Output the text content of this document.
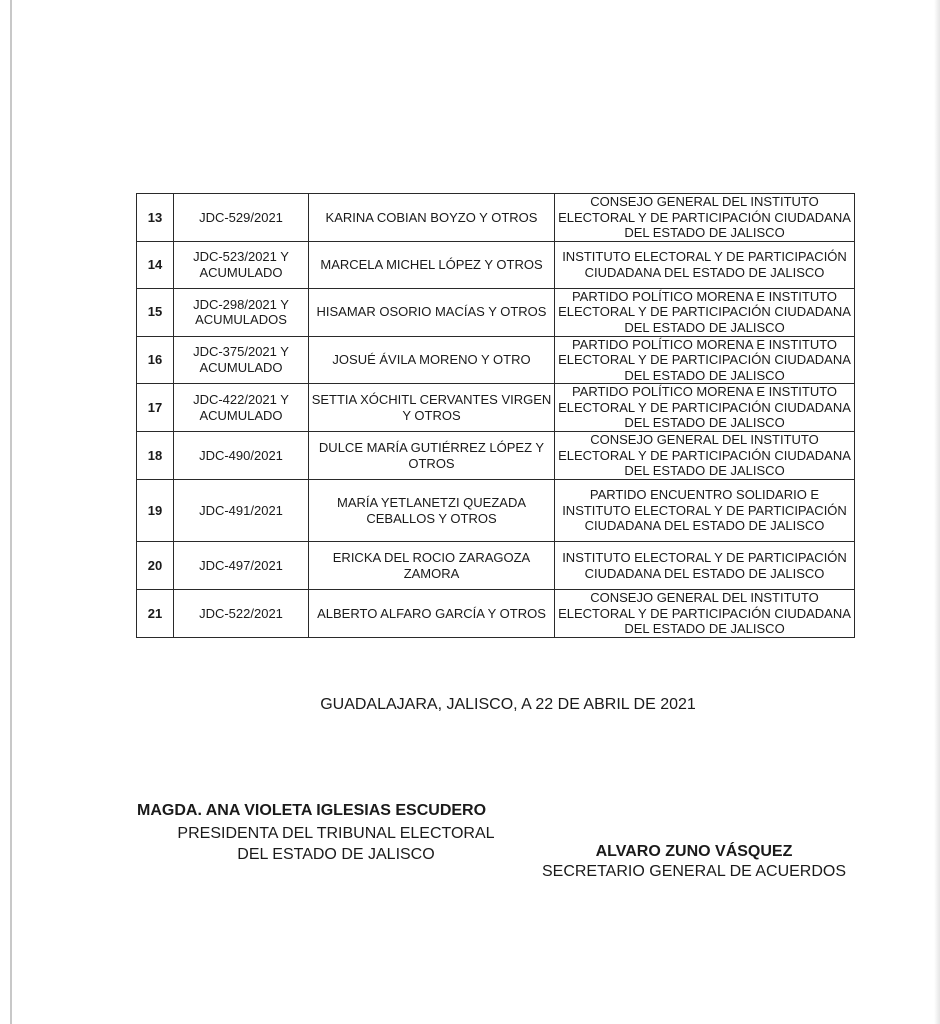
13	JDC-529/2021	KARINA COBIAN BOYZO Y OTROS	CONSEJO GENERAL DEL INSTITUTO ELECTORAL Y DE PARTICIPACIÓN CIUDADANA DEL ESTADO DE JALISCO
14	JDC-523/2021 Y ACUMULADO	MARCELA MICHEL LÓPEZ Y OTROS	INSTITUTO ELECTORAL Y DE PARTICIPACIÓN CIUDADANA DEL ESTADO DE JALISCO
15	JDC-298/2021 Y ACUMULADOS	HISAMAR OSORIO MACÍAS Y OTROS	PARTIDO POLÍTICO MORENA E INSTITUTO ELECTORAL Y DE PARTICIPACIÓN CIUDADANA DEL ESTADO DE JALISCO
16	JDC-375/2021 Y ACUMULADO	JOSUÉ ÁVILA MORENO Y OTRO	PARTIDO POLÍTICO MORENA E INSTITUTO ELECTORAL Y DE PARTICIPACIÓN CIUDADANA DEL ESTADO DE JALISCO
17	JDC-422/2021 Y ACUMULADO	SETTIA XÓCHITL CERVANTES VIRGEN Y OTROS	PARTIDO POLÍTICO MORENA E INSTITUTO ELECTORAL Y DE PARTICIPACIÓN CIUDADANA DEL ESTADO DE JALISCO
18	JDC-490/2021	DULCE MARÍA GUTIÉRREZ LÓPEZ Y OTROS	CONSEJO GENERAL DEL INSTITUTO ELECTORAL Y DE PARTICIPACIÓN CIUDADANA DEL ESTADO DE JALISCO
19	JDC-491/2021	MARÍA YETLANETZI QUEZADA CEBALLOS Y OTROS	PARTIDO ENCUENTRO SOLIDARIO E INSTITUTO ELECTORAL Y DE PARTICIPACIÓN CIUDADANA DEL ESTADO DE JALISCO
20	JDC-497/2021	ERICKA DEL ROCIO ZARAGOZA ZAMORA	INSTITUTO ELECTORAL Y DE PARTICIPACIÓN CIUDADANA DEL ESTADO DE JALISCO
21	JDC-522/2021	ALBERTO ALFARO GARCÍA Y OTROS	CONSEJO GENERAL DEL INSTITUTO ELECTORAL Y DE PARTICIPACIÓN CIUDADANA DEL ESTADO DE JALISCO
GUADALAJARA, JALISCO, A 22 DE ABRIL DE 2021
MAGDA. ANA VIOLETA IGLESIAS ESCUDERO
PRESIDENTA DEL TRIBUNAL ELECTORAL
DEL ESTADO DE JALISCO	ALVARO ZUNO VÁSQUEZ
SECRETARIO GENERAL DE ACUERDOS
